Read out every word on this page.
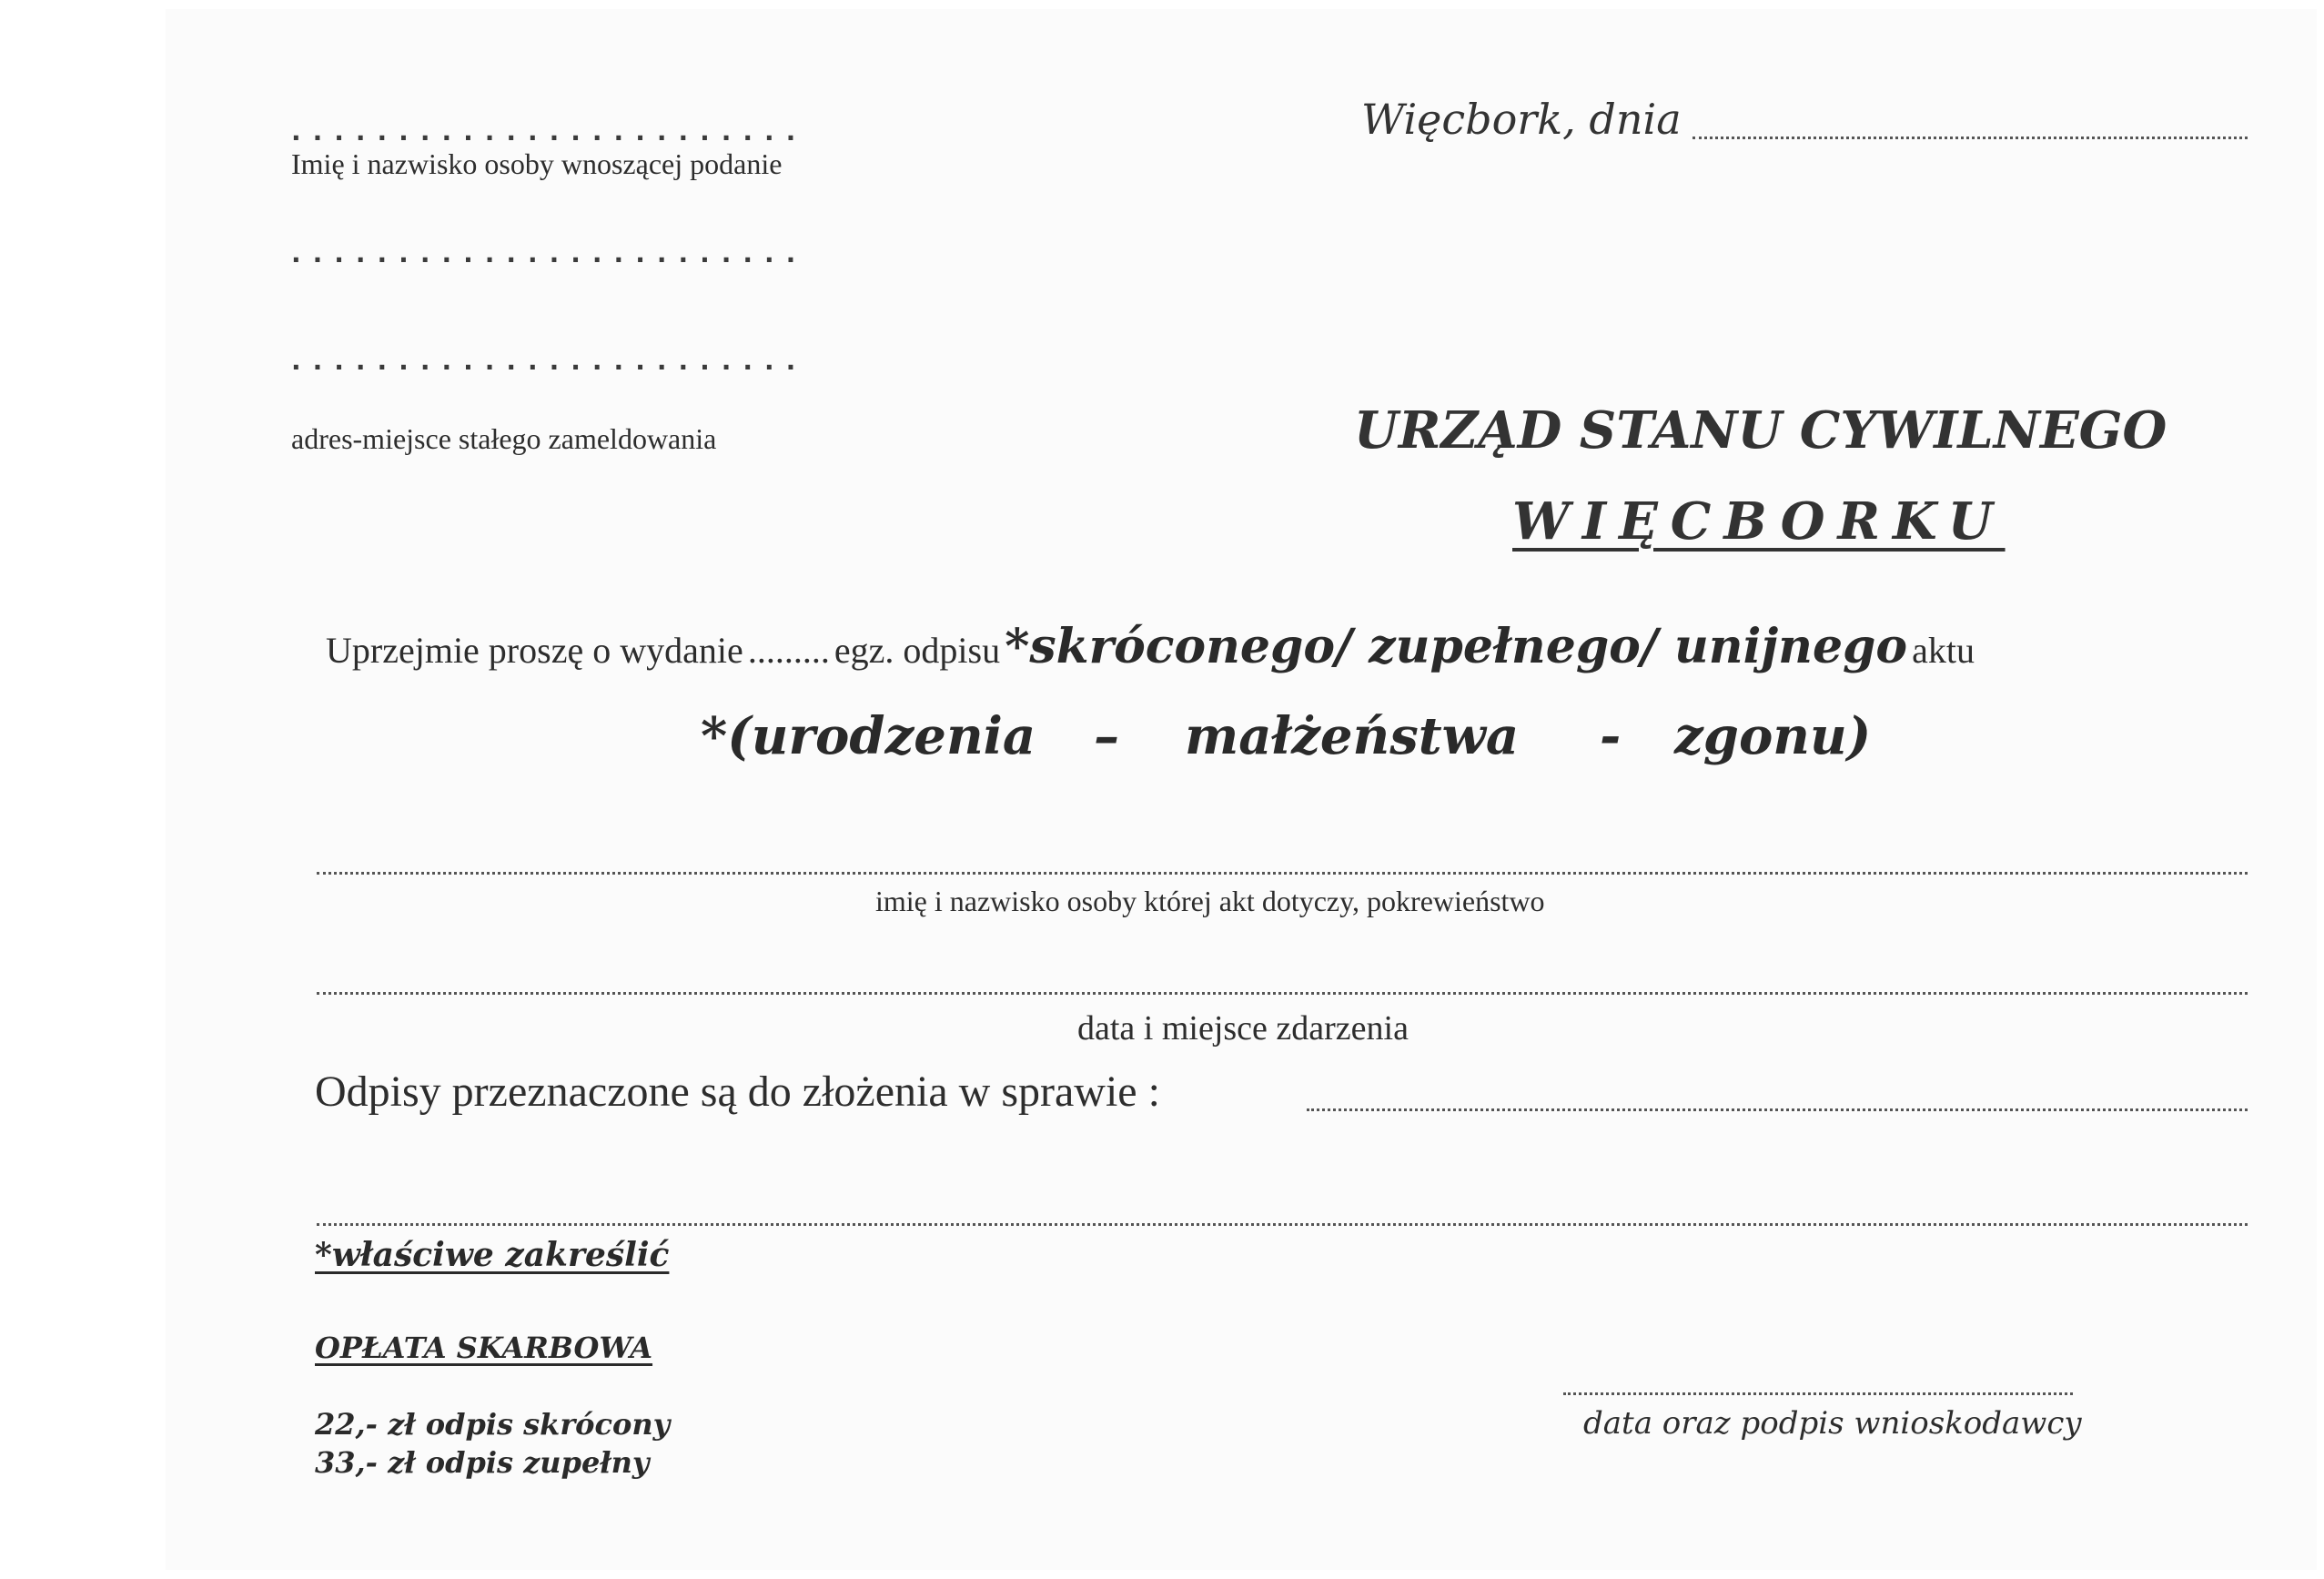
........................
Imię i nazwisko osoby wnoszącej podanie
........................
........................
adres-miejsce stałego zameldowania
Więcbork, dnia
URZĄD STANU CYWILNEGO
WIĘCBORKU
Uprzejmie proszę o wydanie ......... egz. odpisu *skróconego/ zupełnego/ unijnego aktu
*(urodzenia – małżeństwa - zgonu)
imię i nazwisko osoby której akt dotyczy, pokrewieństwo
data i miejsce zdarzenia
Odpisy przeznaczone są do złożenia w sprawie :
*właściwe zakreślić
OPŁATA SKARBOWA
22,- zł odpis skrócony
33,- zł odpis zupełny
data oraz podpis wnioskodawcy
